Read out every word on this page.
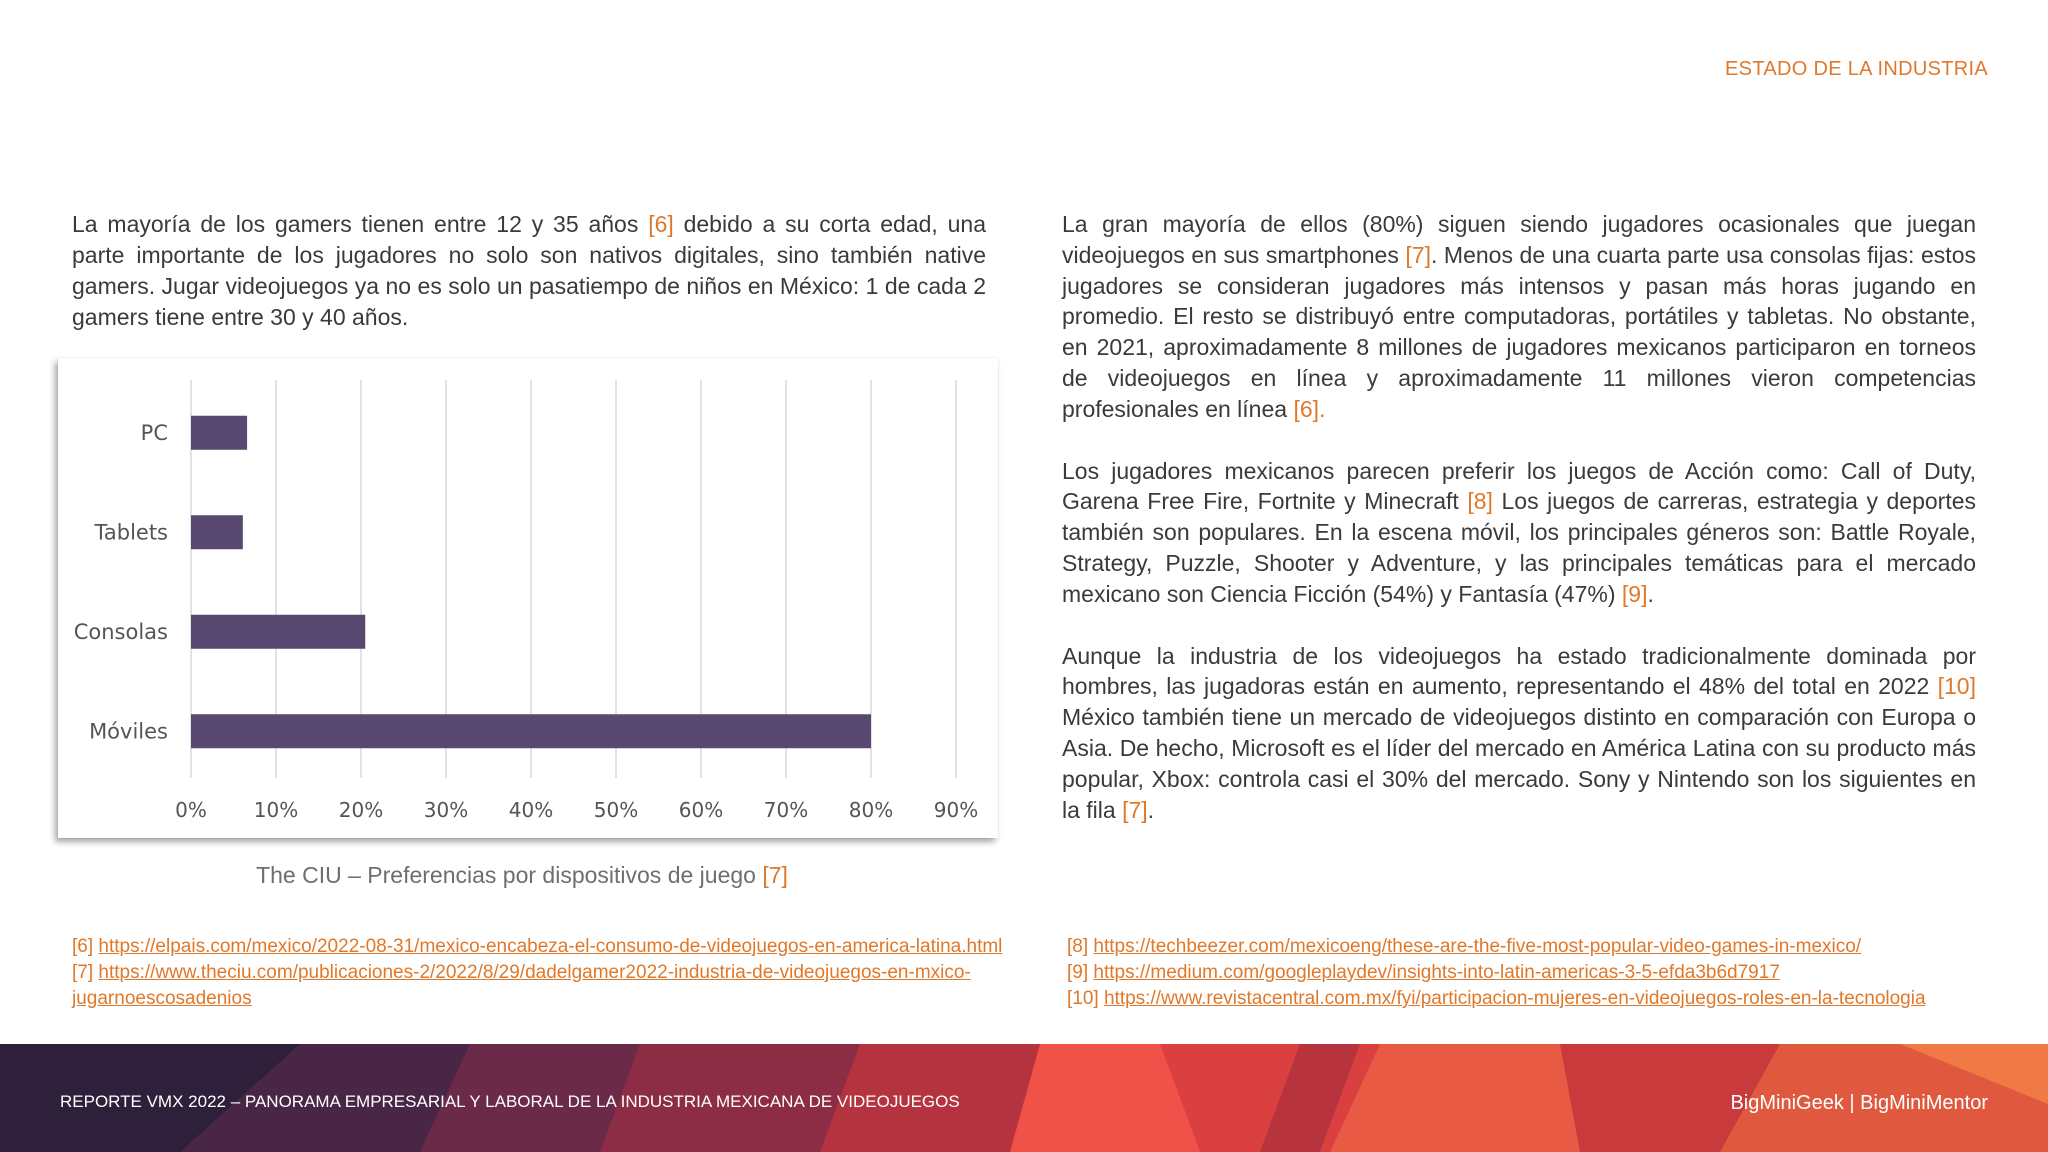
ESTADO DE LA INDUSTRIA

La mayoría de los gamers tienen entre 12 y 35 años [6] debido a su corta edad, una parte importante de los jugadores no solo son nativos digitales, sino también native gamers. Jugar videojuegos ya no es solo un pasatiempo de niños en México: 1 de cada 2 gamers tiene entre 30 y 40 años.

0% 10% 20% 30% 40% 50% 60% 70% 80% 90%
PC
Tablets
Consolas
Móviles
The CIU – Preferencias por dispositivos de juego [7]

La gran mayoría de ellos (80%) siguen siendo jugadores ocasionales que juegan videojuegos en sus smartphones [7]. Menos de una cuarta parte usa consolas fijas: estos jugadores se consideran jugadores más intensos y pasan más horas jugando en promedio. El resto se distribuyó entre computadoras, portátiles y tabletas. No obstante, en 2021, aproximadamente 8 millones de jugadores mexicanos participaron en torneos de videojuegos en línea y aproximadamente 11 millones vieron competencias profesionales en línea [6].

Los jugadores mexicanos parecen preferir los juegos de Acción como: Call of Duty, Garena Free Fire, Fortnite y Minecraft [8] Los juegos de carreras, estrategia y deportes también son populares. En la escena móvil, los principales géneros son: Battle Royale, Strategy, Puzzle, Shooter y Adventure, y las principales temáticas para el mercado mexicano son Ciencia Ficción (54%) y Fantasía (47%) [9].

Aunque la industria de los videojuegos ha estado tradicionalmente dominada por hombres, las jugadoras están en aumento, representando el 48% del total en 2022 [10] México también tiene un mercado de videojuegos distinto en comparación con Europa o Asia. De hecho, Microsoft es el líder del mercado en América Latina con su producto más popular, Xbox: controla casi el 30% del mercado. Sony y Nintendo son los siguientes en la fila [7].

[6] https://elpais.com/mexico/2022-08-31/mexico-encabeza-el-consumo-de-videojuegos-en-america-latina.html
[7] https://www.theciu.com/publicaciones-2/2022/8/29/dadelgamer2022-industria-de-videojuegos-en-mxico-jugarnoescosadenios
[8] https://techbeezer.com/mexicoeng/these-are-the-five-most-popular-video-games-in-mexico/
[9] https://medium.com/googleplaydev/insights-into-latin-americas-3-5-efda3b6d7917
[10] https://www.revistacentral.com.mx/fyi/participacion-mujeres-en-videojuegos-roles-en-la-tecnologia
REPORTE VMX 2022 – PANORAMA EMPRESARIAL Y LABORAL DE LA INDUSTRIA MEXICANA DE VIDEOJUEGOS	BigMiniGeek | BigMiniMentor
